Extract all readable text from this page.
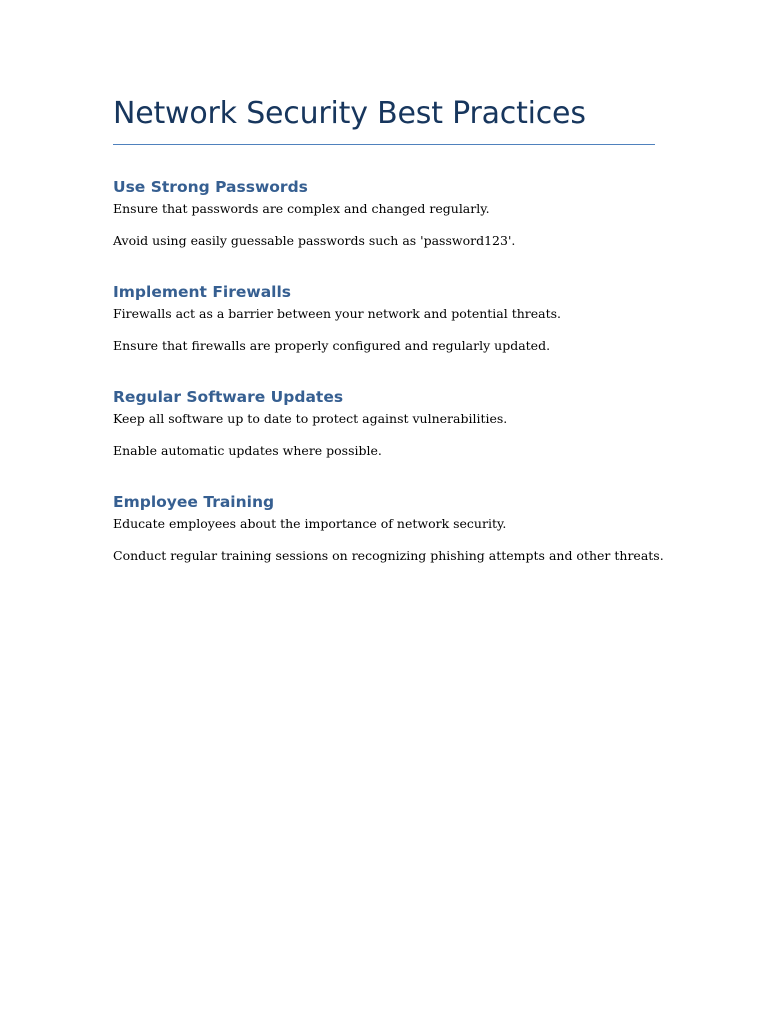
Network Security Best Practices
Use Strong Passwords

Ensure that passwords are complex and changed regularly.

Avoid using easily guessable passwords such as 'password123'.

Implement Firewalls

Firewalls act as a barrier between your network and potential threats.

Ensure that firewalls are properly configured and regularly updated.

Regular Software Updates

Keep all software up to date to protect against vulnerabilities.

Enable automatic updates where possible.

Employee Training

Educate employees about the importance of network security.

Conduct regular training sessions on recognizing phishing attempts and other threats.
